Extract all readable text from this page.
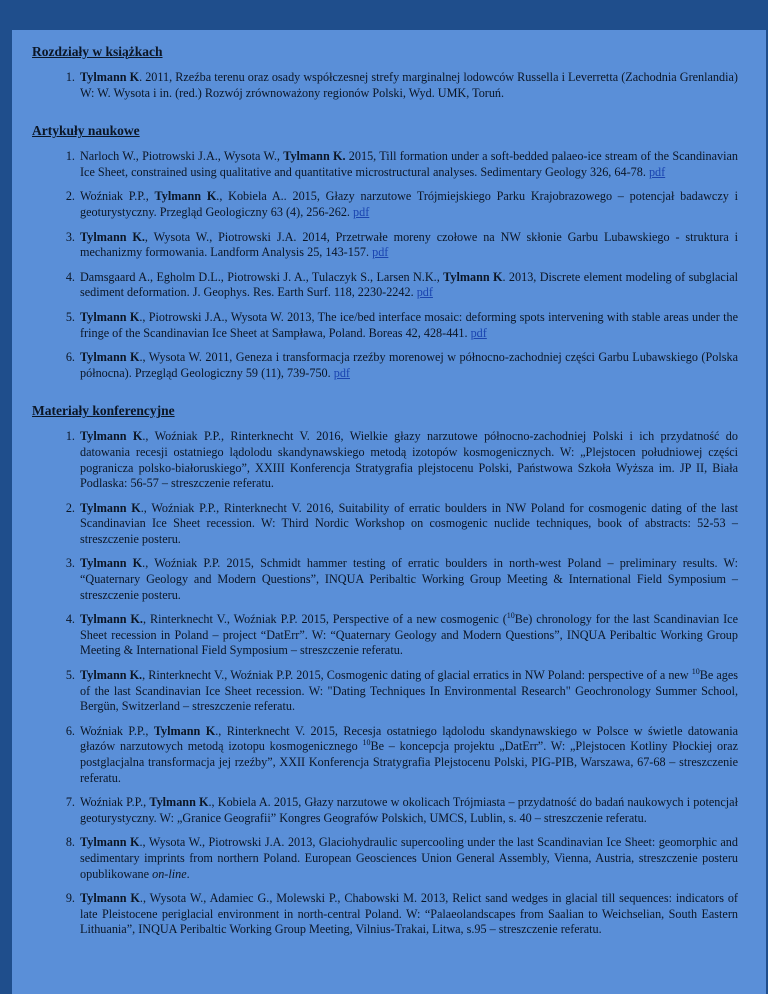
Rozdziały w książkach
1. Tylmann K. 2011, Rzeźba terenu oraz osady współczesnej strefy marginalnej lodowców Russella i Leverretta (Zachodnia Grenlandia) W: W. Wysota i in. (red.) Rozwój zrównoważony regionów Polski, Wyd. UMK, Toruń.
Artykuły naukowe
1. Narloch W., Piotrowski J.A., Wysota W., Tylmann K. 2015, Till formation under a soft-bedded palaeo-ice stream of the Scandinavian Ice Sheet, constrained using qualitative and quantitative microstructural analyses. Sedimentary Geology 326, 64-78. pdf
2. Woźniak P.P., Tylmann K., Kobiela A.. 2015, Głazy narzutowe Trójmiejskiego Parku Krajobrazowego – potencjał badawczy i geoturystyczny. Przegląd Geologiczny 63 (4), 256-262. pdf
3. Tylmann K., Wysota W., Piotrowski J.A. 2014, Przetrwałe moreny czołowe na NW skłonie Garbu Lubawskiego - struktura i mechanizmy formowania. Landform Analysis 25, 143-157. pdf
4. Damsgaard A., Egholm D.L., Piotrowski J. A., Tulaczyk S., Larsen N.K., Tylmann K. 2013, Discrete element modeling of subglacial sediment deformation. J. Geophys. Res. Earth Surf. 118, 2230-2242. pdf
5. Tylmann K., Piotrowski J.A., Wysota W. 2013, The ice/bed interface mosaic: deforming spots intervening with stable areas under the fringe of the Scandinavian Ice Sheet at Sampława, Poland. Boreas 42, 428-441. pdf
6. Tylmann K., Wysota W. 2011, Geneza i transformacja rzeźby morenowej w północno-zachodniej części Garbu Lubawskiego (Polska północna). Przegląd Geologiczny 59 (11), 739-750. pdf
Materiały konferencyjne
1. Tylmann K., Woźniak P.P., Rinterknecht V. 2016, Wielkie głazy narzutowe północno-zachodniej Polski i ich przydatność do datowania recesji ostatniego lądolodu skandynawskiego metodą izotopów kosmogenicznych. W: „Plejstocen południowej części pogranicza polsko-białoruskiego”, XXIII Konferencja Stratygrafia plejstocenu Polski, Państwowa Szkoła Wyższa im. JP II, Biała Podlaska: 56-57 – streszczenie referatu.
2. Tylmann K., Woźniak P.P., Rinterknecht V. 2016, Suitability of erratic boulders in NW Poland for cosmogenic dating of the last Scandinavian Ice Sheet recession. W: Third Nordic Workshop on cosmogenic nuclide techniques, book of abstracts: 52-53 – streszczenie posteru.
3. Tylmann K., Woźniak P.P. 2015, Schmidt hammer testing of erratic boulders in north-west Poland – preliminary results. W: “Quaternary Geology and Modern Questions”, INQUA Peribaltic Working Group Meeting & International Field Symposium – streszczenie posteru.
4. Tylmann K., Rinterknecht V., Woźniak P.P. 2015, Perspective of a new cosmogenic ($^{10}$Be) chronology for the last Scandinavian Ice Sheet recession in Poland – project “DatErr”. W: “Quaternary Geology and Modern Questions”, INQUA Peribaltic Working Group Meeting & International Field Symposium – streszczenie referatu.
5. Tylmann K., Rinterknecht V., Woźniak P.P. 2015, Cosmogenic dating of glacial erratics in NW Poland: perspective of a new $^{10}$Be ages of the last Scandinavian Ice Sheet recession. W: "Dating Techniques In Environmental Research" Geochronology Summer School, Bergün, Switzerland – streszczenie referatu.
6. Woźniak P.P., Tylmann K., Rinterknecht V. 2015, Recesja ostatniego lądolodu skandynawskiego w Polsce w świetle datowania głazów narzutowych metodą izotopu kosmogenicznego $^{10}$Be – koncepcja projektu „DatErr”. W: „Plejstocen Kotliny Płockiej oraz postglacjalna transformacja jej rzeźby”, XXII Konferencja Stratygrafia Plejstocenu Polski, PIG-PIB, Warszawa, 67-68 – streszczenie referatu.
7. Woźniak P.P., Tylmann K., Kobiela A. 2015, Głazy narzutowe w okolicach Trójmiasta – przydatność do badań naukowych i potencjał geoturystyczny. W: „Granice Geografii” Kongres Geografów Polskich, UMCS, Lublin, s. 40 – streszczenie referatu.
8. Tylmann K., Wysota W., Piotrowski J.A. 2013, Glaciohydraulic supercooling under the last Scandinavian Ice Sheet: geomorphic and sedimentary imprints from northern Poland. European Geosciences Union General Assembly, Vienna, Austria, streszczenie posteru opublikowane on-line.
9. Tylmann K., Wysota W., Adamiec G., Molewski P., Chabowski M. 2013, Relict sand wedges in glacial till sequences: indicators of late Pleistocene periglacial environment in north-central Poland. W: “Palaeolandscapes from Saalian to Weichselian, South Eastern Lithuania”, INQUA Peribaltic Working Group Meeting, Vilnius-Trakai, Litwa, s.95 – streszczenie referatu.
